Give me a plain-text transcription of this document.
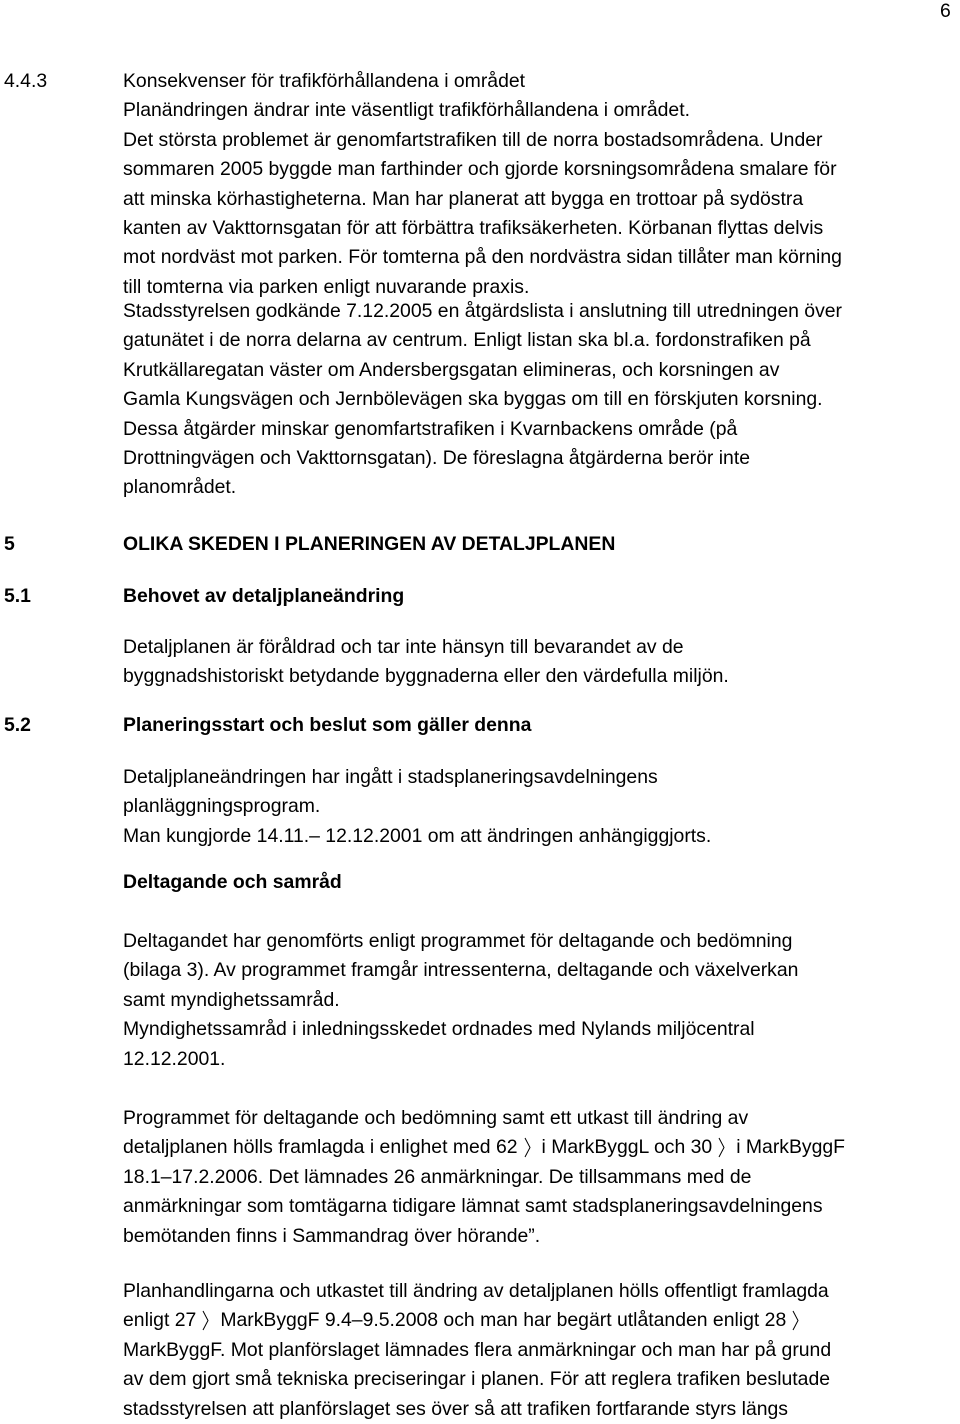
6
4.4.3	Konsekvenser för trafikförhållandena i området
Planändringen ändrar inte väsentligt trafikförhållandena i området.
Det största problemet är genomfartstrafiken till de norra bostadsområdena. Under
sommaren 2005 byggde man farthinder och gjorde korsningsområdena smalare för
att minska körhastigheterna. Man har planerat att bygga en trottoar på sydöstra
kanten av Vakttornsgatan för att förbättra trafiksäkerheten. Körbanan flyttas delvis
mot nordväst mot parken. För tomterna på den nordvästra sidan tillåter man körning
till tomterna via parken enligt nuvarande praxis.
Stadsstyrelsen godkände 7.12.2005 en åtgärdslista i anslutning till utredningen över
gatunätet i de norra delarna av centrum. Enligt listan ska bl.a. fordonstrafiken på
Krutkällaregatan väster om Andersbergsgatan elimineras, och korsningen av
Gamla Kungsvägen och Jernbölevägen ska byggas om till en förskjuten korsning.
Dessa åtgärder minskar genomfartstrafiken i Kvarnbackens område (på
Drottningvägen och Vakttornsgatan). De föreslagna åtgärderna berör inte
planområdet.
5	OLIKA SKEDEN I PLANERINGEN AV DETALJPLANEN
5.1	Behovet av detaljplaneändring
Detaljplanen är föråldrad och tar inte hänsyn till bevarandet av de
byggnadshistoriskt betydande byggnaderna eller den värdefulla miljön.
5.2	Planeringsstart och beslut som gäller denna
Detaljplaneändringen har ingått i stadsplaneringsavdelningens
planläggningsprogram.
Man kungjorde 14.11.– 12.12.2001 om att ändringen anhängiggjorts.
Deltagande och samråd
Deltagandet har genomförts enligt programmet för deltagande och bedömning
(bilaga 3). Av programmet framgår intressenterna, deltagande och växelverkan
samt myndighetssamråd.
Myndighetssamråd i inledningsskedet ordnades med Nylands miljöcentral
12.12.2001.
Programmet för deltagande och bedömning samt ett utkast till ändring av
detaljplanen hölls framlagda i enlighet med 62 i MarkByggL och 30 i MarkByggF
18.1–17.2.2006. Det lämnades 26 anmärkningar. De tillsammans med de
anmärkningar som tomtägarna tidigare lämnat samt stadsplaneringsavdelningens
bemötanden finns i Sammandrag över hörande”.
Planhandlingarna och utkastet till ändring av detaljplanen hölls offentligt framlagda
enligt 27 MarkByggF 9.4–9.5.2008 och man har begärt utlåtanden enligt 28
MarkByggF. Mot planförslaget lämnades flera anmärkningar och man har på grund
av dem gjort små tekniska preciseringar i planen. För att reglera trafiken beslutade
stadsstyrelsen att planförslaget ses över så att trafiken fortfarande styrs längs
